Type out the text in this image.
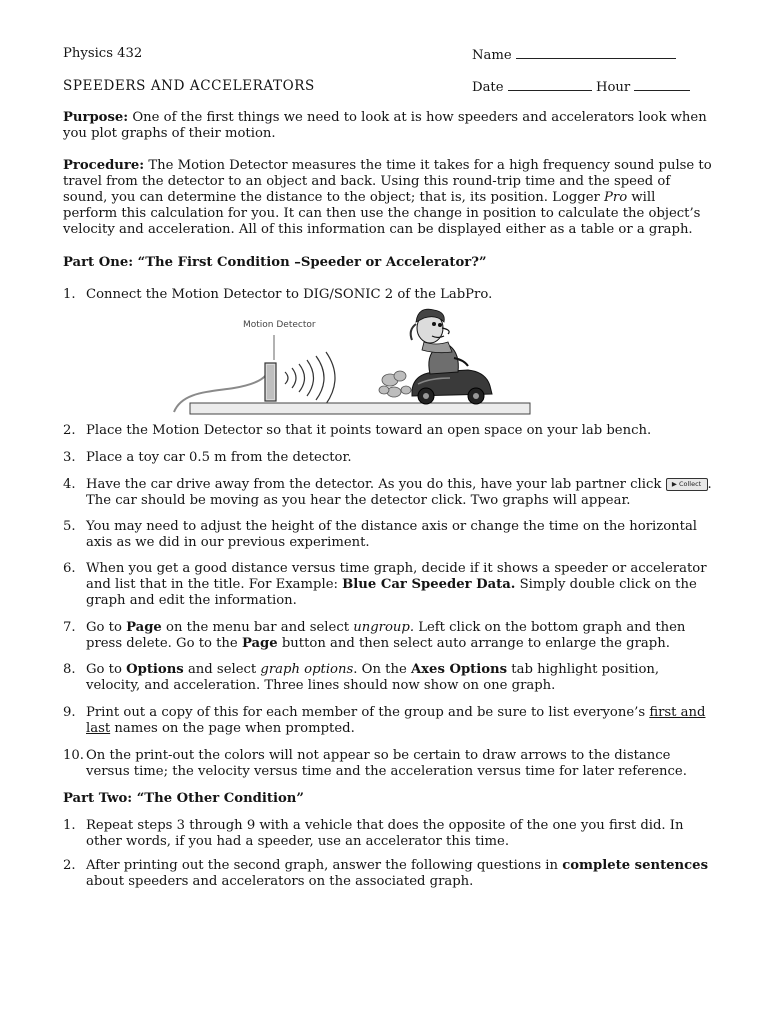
Physics 432	Name
SPEEDERS AND ACCELERATORS	Date	Hour
Purpose: One of the first things we need to look at is how speeders and accelerators look when you plot graphs of their motion.
Procedure: The Motion Detector measures the time it takes for a high frequency sound pulse to travel from the detector to an object and back. Using this round-trip time and the speed of sound, you can determine the distance to the object; that is, its position. Logger Pro will perform this calculation for you. It can then use the change in position to calculate the object’s velocity and acceleration. All of this information can be displayed either as a table or a graph.
Part One: “The First Condition –Speeder or Accelerator?”
1. Connect the Motion Detector to DIG/SONIC 2 of the LabPro.
Motion Detector
2. Place the Motion Detector so that it points toward an open space on your lab bench.
3. Place a toy car 0.5 m from the detector.
4. Have the car drive away from the detector. As you do this, have your lab partner click ▶ Collect . The car should be moving as you hear the detector click. Two graphs will appear.
5. You may need to adjust the height of the distance axis or change the time on the horizontal axis as we did in our previous experiment.
6. When you get a good distance versus time graph, decide if it shows a speeder or accelerator and list that in the title. For Example: Blue Car Speeder Data. Simply double click on the graph and edit the information.
7. Go to Page on the menu bar and select ungroup. Left click on the bottom graph and then press delete. Go to the Page button and then select auto arrange to enlarge the graph.
8. Go to Options and select graph options. On the Axes Options tab highlight position, velocity, and acceleration. Three lines should now show on one graph.
9. Print out a copy of this for each member of the group and be sure to list everyone’s first and last names on the page when prompted.
10. On the print-out the colors will not appear so be certain to draw arrows to the distance versus time; the velocity versus time and the acceleration versus time for later reference.
Part Two: “The Other Condition”
1. Repeat steps 3 through 9 with a vehicle that does the opposite of the one you first did. In other words, if you had a speeder, use an accelerator this time.
2. After printing out the second graph, answer the following questions in complete sentences about speeders and accelerators on the associated graph.
